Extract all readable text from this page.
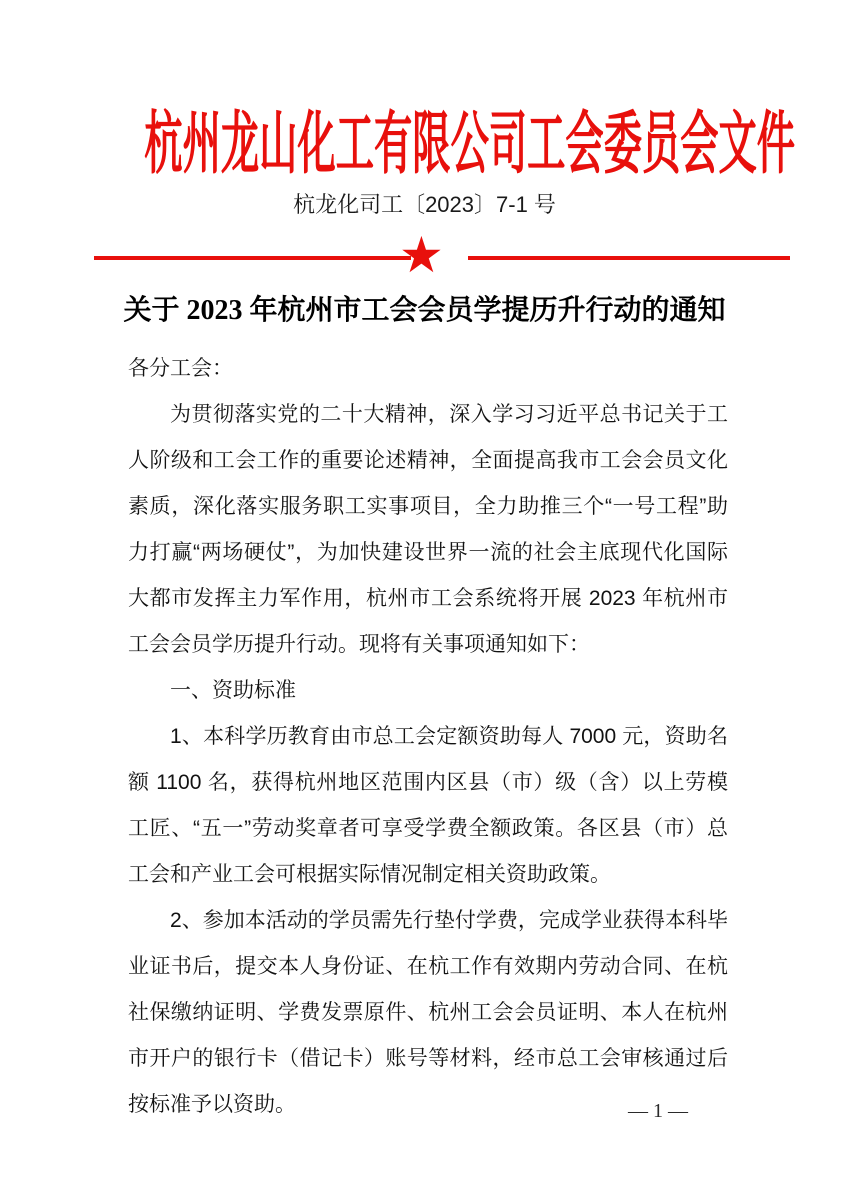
杭州龙山化工有限公司工会委员会文件
杭龙化司工〔2023〕7-1 号
★
关于 2023 年杭州市工会会员学提历升行动的通知

各分工会：

为贯彻落实党的二十大精神，深入学习习近平总书记关于工人阶级和工会工作的重要论述精神，全面提高我市工会会员文化素质，深化落实服务职工实事项目，全力助推三个“一号工程”助力打赢“两场硬仗”，为加快建设世界一流的社会主底现代化国际大都市发挥主力军作用，杭州市工会系统将开展 2023 年杭州市工会会员学历提升行动。现将有关事项通知如下：

一、资助标准

1、本科学历教育由市总工会定额资助每人 7000 元，资助名额 1100 名，获得杭州地区范围内区县（市）级（含）以上劳模工匠、“五一”劳动奖章者可享受学费全额政策。各区县（市）总工会和产业工会可根据实际情况制定相关资助政策。

2、参加本活动的学员需先行垫付学费，完成学业获得本科毕业证书后，提交本人身份证、在杭工作有效期内劳动合同、在杭社保缴纳证明、学费发票原件、杭州工会会员证明、本人在杭州市开户的银行卡（借记卡）账号等材料，经市总工会审核通过后按标准予以资助。	— 1 —
